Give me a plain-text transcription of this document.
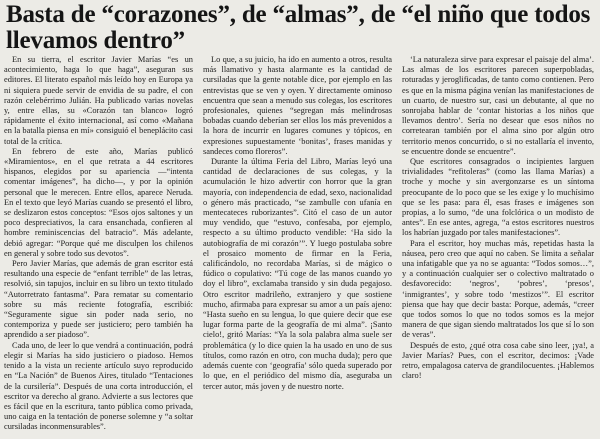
Basta de “corazones”, de “almas”, de “el niño que todos llevamos dentro”

En su tierra, el escritor Javier Marías “es un acontecimiento, haga lo que haga”, aseguran sus editores. El literato español más leído hoy en Europa ya ni siquiera puede servir de envidia de su padre, el con razón celebérrimo Julián. Ha publicado varias novelas y, entre ellas, su «Corazón tan blanco» logró rápidamente el éxito internacional, así como «Mañana en la batalla piensa en mí» consiguió el beneplácito casi total de la crítica.

En febrero de este año, Marías publicó «Miramientos», en el que retrata a 44 escritores hispanos, elegidos por su apariencia —“intenta comentar imágenes”, ha dicho—, y por la opinión personal que le merecen. Entre ellos, aparece Neruda. En el texto que leyó Marías cuando se presentó el libro, se deslizaron estos conceptos: “Esos ojos saltones y un poco despreciativos, la cara ensanchada, confieren al hombre reminiscencias del batracio”. Más adelante, debió agregar: “Porque qué me disculpen los chilenos en general y sobre todo sus devotos”.

Pero Javier Marías, que además de gran escritor está resultando una especie de “enfant terrible” de las letras, resolvió, sin tapujos, incluir en su libro un texto titulado “Autorretrato fantasma”. Para rematar su comentario sobre su más reciente fotografía, escribió: “Seguramente sigue sin poder nada serio, no contemporiza y puede ser justiciero; pero también ha aprendido a ser piadoso”.

Cada uno, de leer lo que vendrá a continuación, podrá elegir si Marías ha sido justiciero o piadoso. Hemos tenido a la vista un reciente artículo suyo reproducido en “La Nación” de Buenos Aires, titulado “Tentaciones de la cursilería”. Después de una corta introducción, el escritor va derecho al grano. Advierte a sus lectores que es fácil que en la escritura, tanto pública como privada, uno caiga en la tentación de ponerse solemne y “a soltar cursiladas inconmensurables”.

Lo que, a su juicio, ha ido en aumento a otros, resulta más llamativo y hasta alarmante es la cantidad de cursiladas que la gente notable dice, por ejemplo en las entrevistas que se ven y oyen. Y directamente ominoso encuentra que sean a menudo sus colegas, los escritores profesionales, quienes “segregan más melindrosas bobadas cuando deberían ser ellos los más prevenidos a la hora de incurrir en lugares comunes y tópicos, en expresiones supuestamente ‘bonitas’, frases manidas y sandeces como floreros”.

Durante la última Feria del Libro, Marías leyó una cantidad de declaraciones de sus colegas, y la acumulación le hizo advertir con horror que la gran mayoría, con independencia de edad, sexo, nacionalidad o género más practicado, “se zambulle con ufanía en mentecateces ruborizantes”. Citó el caso de un autor muy vendido, que “estuvo, confesaba, por ejemplo, respecto a su último producto vendible: ‘Ha sido la autobiografía de mi corazón’”. Y luego postulaba sobre el prosaico momento de firmar en la Feria, calificándolo, no recordaba Marías, si de mágico o fúdico o copulativo: “Tú coge de las manos cuando yo doy el libro”, exclamaba transido y sin duda pegajoso. Otro escritor madrileño, extranjero y que sostiene mucho, afirmaba para expresar su amor a un país ajeno: “Hasta sueño en su lengua, lo que quiere decir que ese lugar forma parte de la geografía de mi alma”. ¡Santo cielo!, gritó Marías: “Ya la sola palabra alma suele ser problemática (y lo dice quien la ha usado en uno de sus títulos, como razón en otro, con mucha duda); pero que además cuente con ‘geografía’ sólo queda superado por lo que, en el periódico del mismo día, aseguraba un tercer autor, más joven y de nuestro norte.

‘La naturaleza sirve para expresar el paisaje del alma’. Las almas de los escritores parecen superpobladas, roturadas y jeroglificadas, de tanto como contienen. Pero es que en la misma página venían las manifestaciones de un cuarto, de nuestro sur, casi un debutante, al que no sonrojaba hablar de ‘contar historias a los niños que llevamos dentro’. Sería no desear que esos niños no corretearan también por el alma sino por algún otro territorio menos concurrido, o si no estallaría el invento, se encuentre donde se encuentre”.

Que escritores consagrados o incipientes larguen trivialidades “refitoleras” (como las llama Marías) a troche y moche y sin avergonzarse es un síntoma preocupante de lo poco que se les exige y lo muchísimo que se les pasa: para él, esas frases e imágenes son propias, a lo sumo, “de una folclórica o un modisto de antes”. En ese antes, agrega, “a estos escritores nuestros los habrían juzgado por tales manifestaciones”.

Para el escritor, hoy muchas más, repetidas hasta la náusea, pero creo que aquí no caben. Se limita a señalar una infatigable que ya no se aguanta: “Todos somos…”, y a continuación cualquier ser o colectivo maltratado o desfavorecido: ‘negros’, ‘pobres’, ‘presos’, ‘inmigrantes’, y sobre todo ‘mestizos’”. El escritor piensa que hay que decir basta: Porque, además, “creer que todos somos lo que no todos somos es la mejor manera de que sigan siendo maltratados los que sí lo son de veras”.

Después de esto, ¿qué otra cosa cabe sino leer, ¡ya!, a Javier Marías? Pues, con el escritor, decimos: ¡Vade retro, empalagosa caterva de grandilocuentes. ¡Hablemos claro!
